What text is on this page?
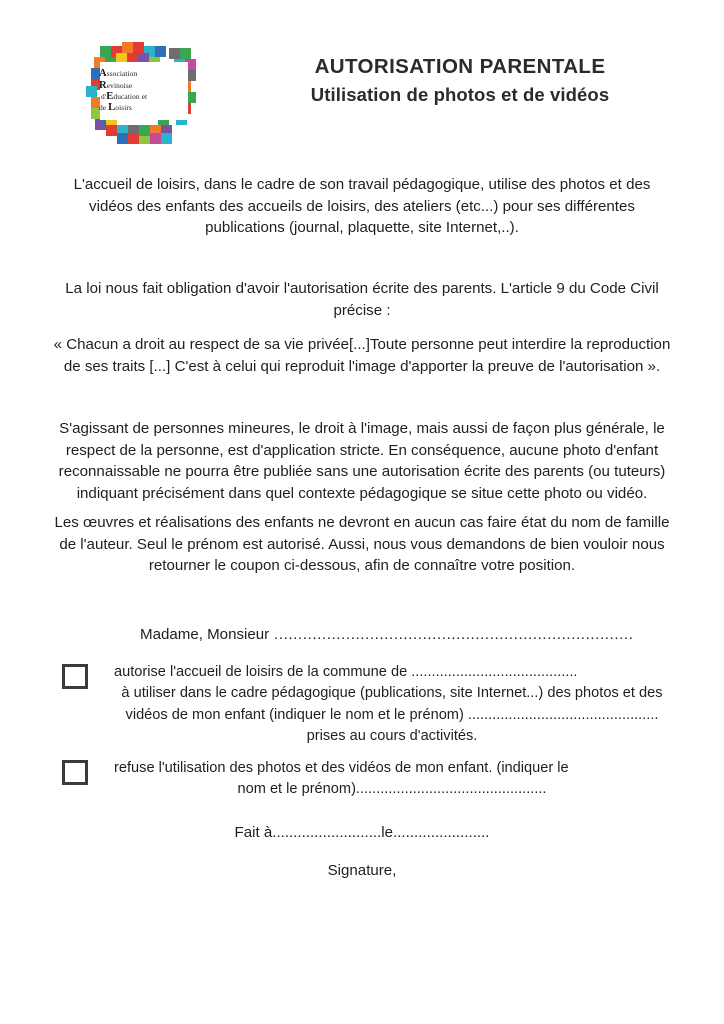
Association
Revinoise
d'Education et
de Loisirs
AUTORISATION PARENTALE
Utilisation de photos et de vidéos

L'accueil de loisirs, dans le cadre de son travail pédagogique, utilise des photos et des vidéos des enfants des accueils de loisirs, des ateliers (etc...) pour ses différentes publications (journal, plaquette, site Internet,..).

La loi nous fait obligation d'avoir l'autorisation écrite des parents. L'article 9 du Code Civil précise :

« Chacun a droit au respect de sa vie privée[...]Toute personne peut interdire la reproduction de ses traits [...] C'est à celui qui reproduit l'image d'apporter la preuve de l'autorisation ».

S'agissant de personnes mineures, le droit à l'image, mais aussi de façon plus générale, le respect de la personne, est d'application stricte. En conséquence, aucune photo d'enfant reconnaissable ne pourra être publiée sans une autorisation écrite des parents (ou tuteurs) indiquant précisément dans quel contexte pédagogique se situe cette photo ou vidéo.

Les œuvres et réalisations des enfants ne devront en aucun cas faire état du nom de famille de l'auteur. Seul le prénom est autorisé. Aussi, nous vous demandons de bien vouloir nous retourner le coupon ci-dessous, afin de connaître votre position.

Madame, Monsieur ...........................................................................
autorise l'accueil de loisirs de la commune de .........................................
à utiliser dans le cadre pédagogique (publications, site Internet...) des photos et des vidéos de mon enfant (indiquer le nom et le prénom) ............................................... prises au cours d'activités.
refuse l'utilisation des photos et des vidéos de mon enfant. (indiquer le
nom et le prénom)...............................................
Fait à..........................le.......................
Signature,
